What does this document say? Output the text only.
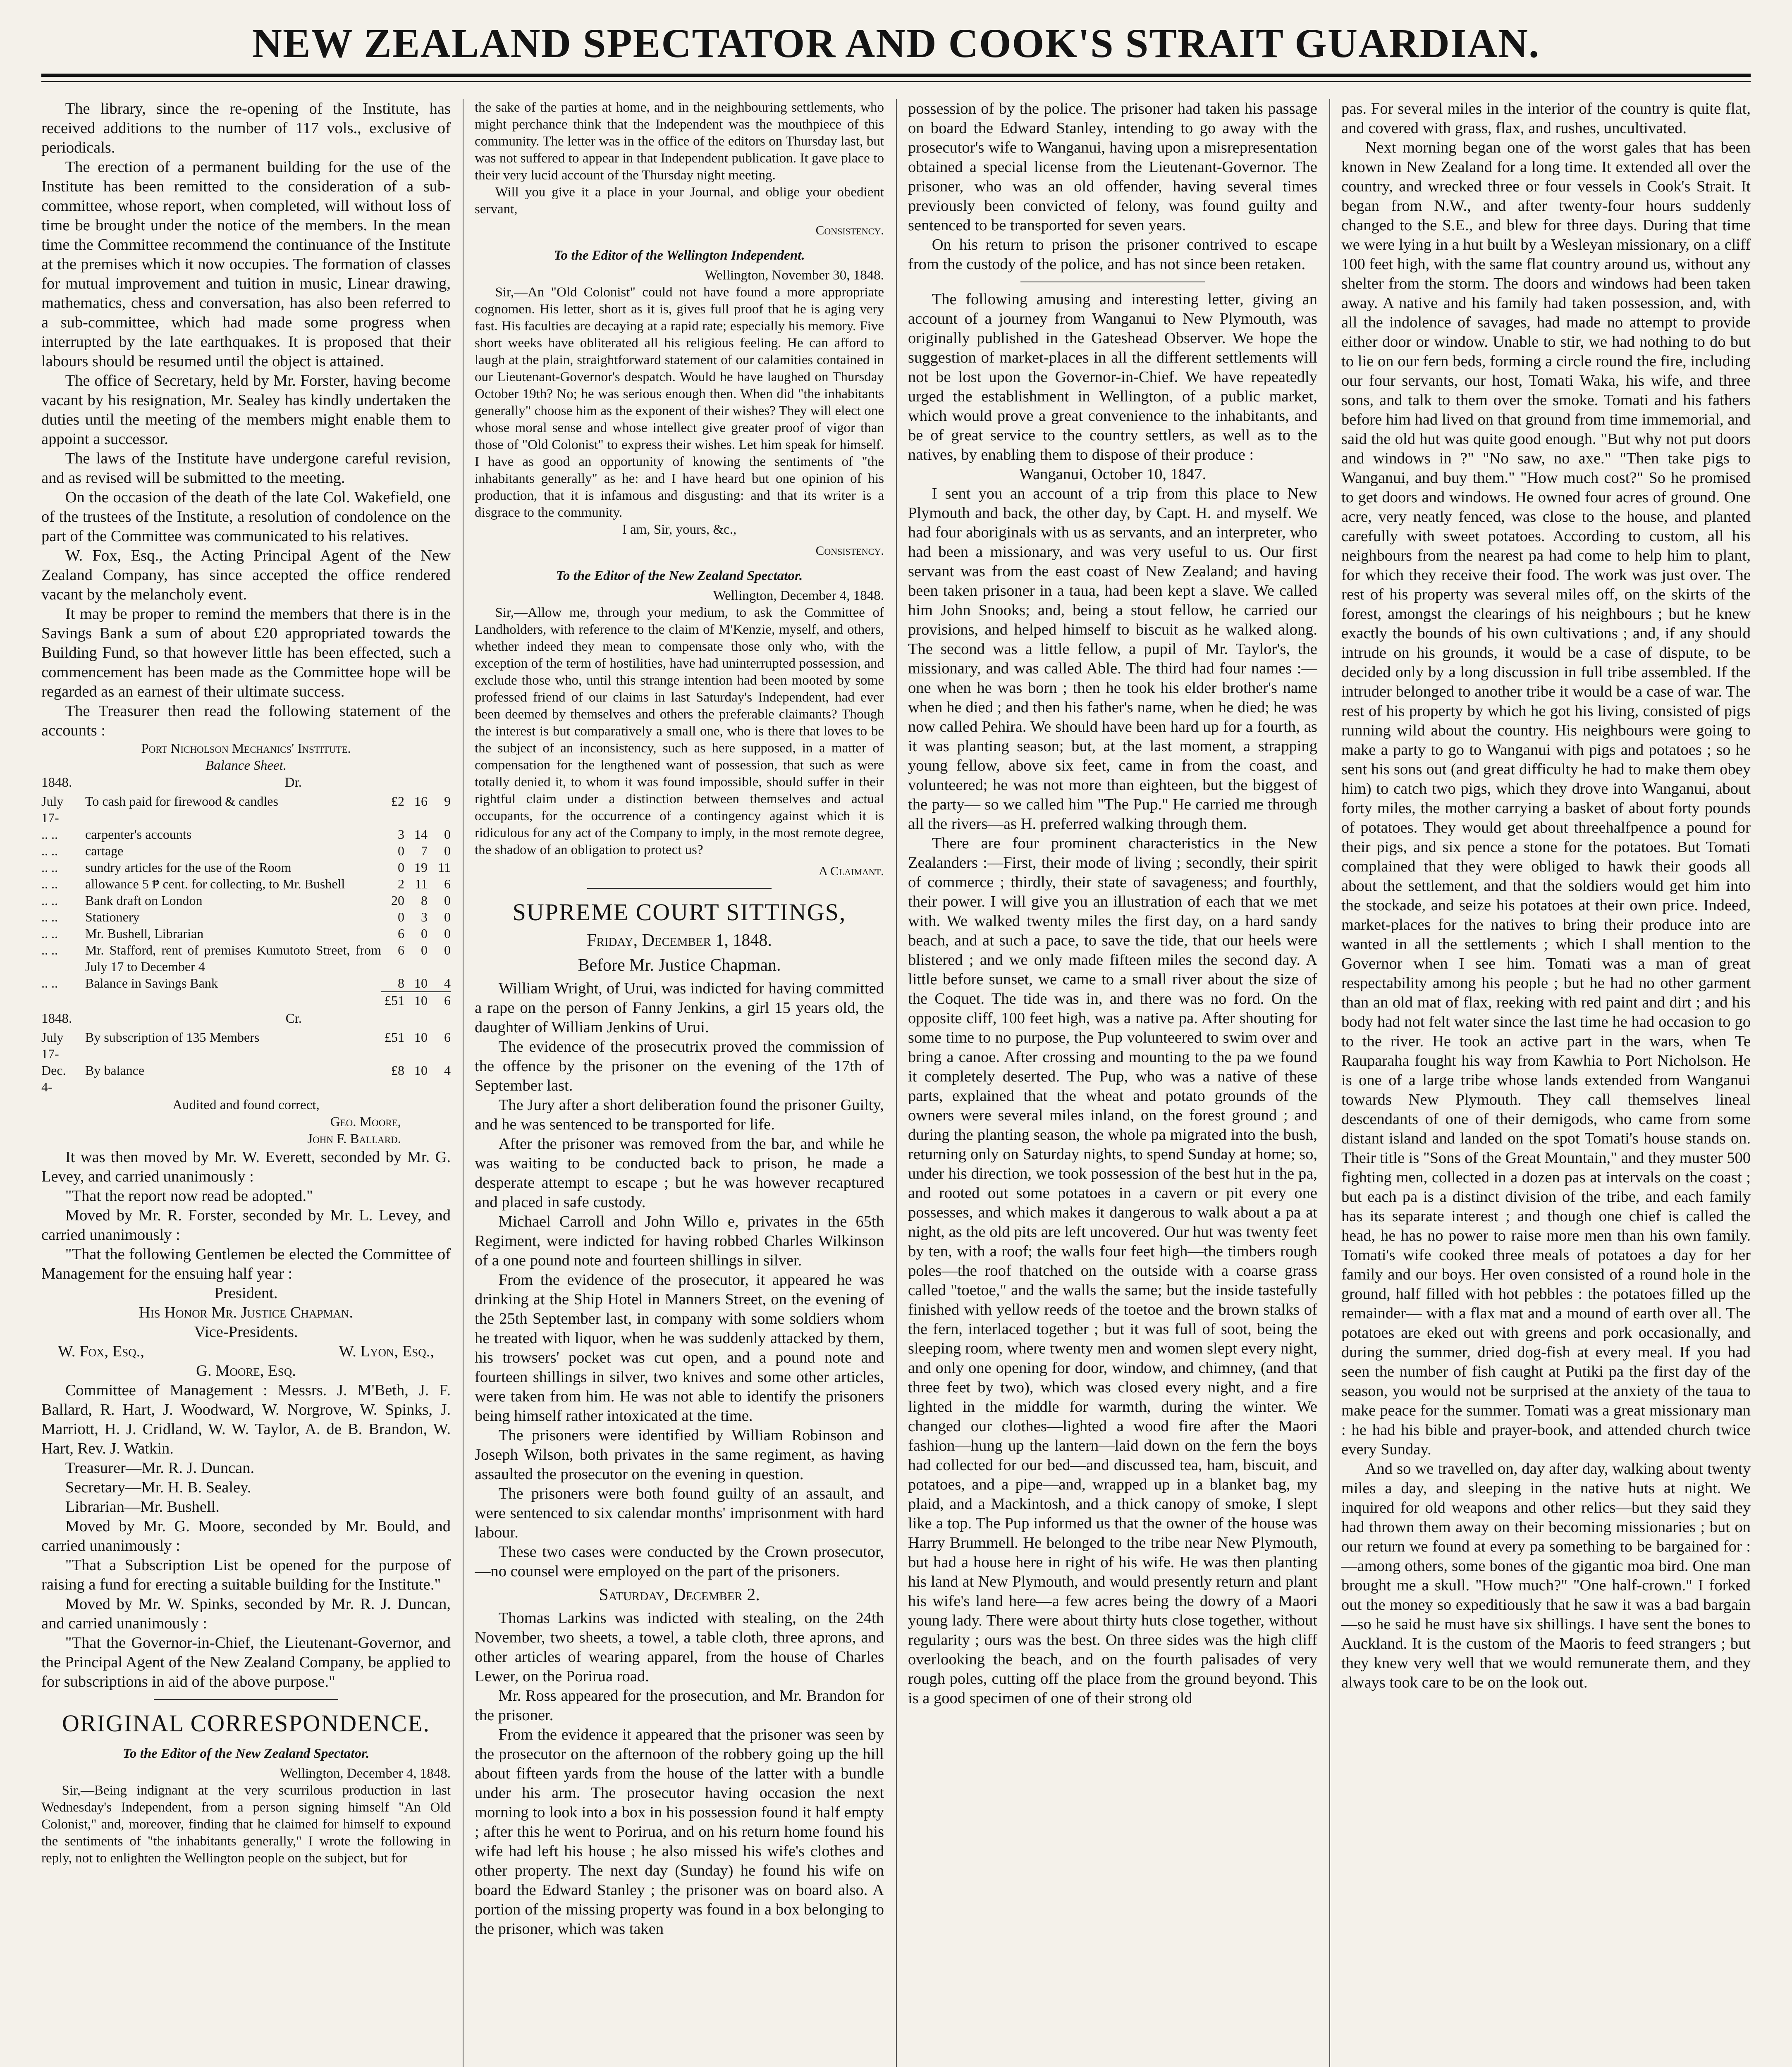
NEW ZEALAND SPECTATOR AND COOK'S STRAIT GUARDIAN.

The library, since the re-opening of the Institute, has received additions to the number of 117 vols., exclusive of periodicals.

The erection of a permanent building for the use of the Institute has been remitted to the consideration of a sub-committee, whose report, when completed, will without loss of time be brought under the notice of the members. In the mean time the Committee recommend the continuance of the Institute at the premises which it now occupies. The formation of classes for mutual improvement and tuition in music, Linear drawing, mathematics, chess and conversation, has also been referred to a sub-committee, which had made some progress when interrupted by the late earthquakes. It is proposed that their labours should be resumed until the object is attained.

The office of Secretary, held by Mr. Forster, having become vacant by his resignation, Mr. Sealey has kindly undertaken the duties until the meeting of the members might enable them to appoint a successor.

The laws of the Institute have undergone careful revision, and as revised will be submitted to the meeting.

On the occasion of the death of the late Col. Wakefield, one of the trustees of the Institute, a resolution of condolence on the part of the Committee was communicated to his relatives.

W. Fox, Esq., the Acting Principal Agent of the New Zealand Company, has since accepted the office rendered vacant by the melancholy event.

It may be proper to remind the members that there is in the Savings Bank a sum of about £20 appropriated towards the Building Fund, so that however little has been effected, such a commencement has been made as the Committee hope will be regarded as an earnest of their ultimate success.

The Treasurer then read the following statement of the accounts :

Port Nicholson Mechanics' Institute.

Balance Sheet.

1848.	Dr.
July 17-	To cash paid for firewood & candles	£2	16	9
.. ..	carpenter's accounts	3	14	0
.. ..	cartage	0	7	0
.. ..	sundry articles for the use of the Room	0	19	11
.. ..	allowance 5 ₱ cent. for collecting, to Mr. Bushell	2	11	6
.. ..	Bank draft on London	20	8	0
.. ..	Stationery	0	3	0
.. ..	Mr. Bushell, Librarian	6	0	0
.. ..	Mr. Stafford, rent of premises Kumutoto Street, from July 17 to December 4	6	0	0
.. ..	Balance in Savings Bank	8	10	4
		£51	10	6
1848.	Cr.
July 17-	By subscription of 135 Members	£51	10	6
Dec. 4-	By balance	£8	10	4

Audited and found correct,

Geo. Moore,

John F. Ballard.

It was then moved by Mr. W. Everett, seconded by Mr. G. Levey, and carried unanimously :

"That the report now read be adopted."

Moved by Mr. R. Forster, seconded by Mr. L. Levey, and carried unanimously :

"That the following Gentlemen be elected the Committee of Management for the ensuing half year :

President.

His Honor Mr. Justice Chapman.

Vice-Presidents.

W. Fox, Esq.,	W. Lyon, Esq.,

G. Moore, Esq.

Committee of Management : Messrs. J. M'Beth, J. F. Ballard, R. Hart, J. Woodward, W. Norgrove, W. Spinks, J. Marriott, H. J. Cridland, W. W. Taylor, A. de B. Brandon, W. Hart, Rev. J. Watkin.

Treasurer—Mr. R. J. Duncan.

Secretary—Mr. H. B. Sealey.

Librarian—Mr. Bushell.

Moved by Mr. G. Moore, seconded by Mr. Bould, and carried unanimously :

"That a Subscription List be opened for the purpose of raising a fund for erecting a suitable building for the Institute."

Moved by Mr. W. Spinks, seconded by Mr. R. J. Duncan, and carried unanimously :

"That the Governor-in-Chief, the Lieutenant-Governor, and the Principal Agent of the New Zealand Company, be applied to for subscriptions in aid of the above purpose."

ORIGINAL CORRESPONDENCE.
To the Editor of the New Zealand Spectator.

Wellington, December 4, 1848.

Sir,—Being indignant at the very scurrilous production in last Wednesday's Independent, from a person signing himself "An Old Colonist," and, moreover, finding that he claimed for himself to expound the sentiments of "the inhabitants generally," I wrote the following in reply, not to enlighten the Wellington people on the subject, but for

the sake of the parties at home, and in the neighbouring settlements, who might perchance think that the Independent was the mouthpiece of this community. The letter was in the office of the editors on Thursday last, but was not suffered to appear in that Independent publication. It gave place to their very lucid account of the Thursday night meeting.

Will you give it a place in your Journal, and oblige your obedient servant,

Consistency.

To the Editor of the Wellington Independent.

Wellington, November 30, 1848.

Sir,—An "Old Colonist" could not have found a more appropriate cognomen. His letter, short as it is, gives full proof that he is aging very fast. His faculties are decaying at a rapid rate; especially his memory. Five short weeks have obliterated all his religious feeling. He can afford to laugh at the plain, straightforward statement of our calamities contained in our Lieutenant-Governor's despatch. Would he have laughed on Thursday October 19th? No; he was serious enough then. When did "the inhabitants generally" choose him as the exponent of their wishes? They will elect one whose moral sense and whose intellect give greater proof of vigor than those of "Old Colonist" to express their wishes. Let him speak for himself. I have as good an opportunity of knowing the sentiments of "the inhabitants generally" as he: and I have heard but one opinion of his production, that it is infamous and disgusting: and that its writer is a disgrace to the community.

I am, Sir, yours, &c.,

Consistency.

To the Editor of the New Zealand Spectator.

Wellington, December 4, 1848.

Sir,—Allow me, through your medium, to ask the Committee of Landholders, with reference to the claim of M'Kenzie, myself, and others, whether indeed they mean to compensate those only who, with the exception of the term of hostilities, have had uninterrupted possession, and exclude those who, until this strange intention had been mooted by some professed friend of our claims in last Saturday's Independent, had ever been deemed by themselves and others the preferable claimants? Though the interest is but comparatively a small one, who is there that loves to be the subject of an inconsistency, such as here supposed, in a matter of compensation for the lengthened want of possession, that such as were totally denied it, to whom it was found impossible, should suffer in their rightful claim under a distinction between themselves and actual occupants, for the occurrence of a contingency against which it is ridiculous for any act of the Company to imply, in the most remote degree, the shadow of an obligation to protect us?

A Claimant.

SUPREME COURT SITTINGS,
Friday, December 1, 1848.
Before Mr. Justice Chapman.

William Wright, of Urui, was indicted for having committed a rape on the person of Fanny Jenkins, a girl 15 years old, the daughter of William Jenkins of Urui.

The evidence of the prosecutrix proved the commission of the offence by the prisoner on the evening of the 17th of September last.

The Jury after a short deliberation found the prisoner Guilty, and he was sentenced to be transported for life.

After the prisoner was removed from the bar, and while he was waiting to be conducted back to prison, he made a desperate attempt to escape ; but he was however recaptured and placed in safe custody.

Michael Carroll and John Willo e, privates in the 65th Regiment, were indicted for having robbed Charles Wilkinson of a one pound note and fourteen shillings in silver.

From the evidence of the prosecutor, it appeared he was drinking at the Ship Hotel in Manners Street, on the evening of the 25th September last, in company with some soldiers whom he treated with liquor, when he was suddenly attacked by them, his trowsers' pocket was cut open, and a pound note and fourteen shillings in silver, two knives and some other articles, were taken from him. He was not able to identify the prisoners being himself rather intoxicated at the time.

The prisoners were identified by William Robinson and Joseph Wilson, both privates in the same regiment, as having assaulted the prosecutor on the evening in question.

The prisoners were both found guilty of an assault, and were sentenced to six calendar months' imprisonment with hard labour.

These two cases were conducted by the Crown prosecutor,—no counsel were employed on the part of the prisoners.

Saturday, December 2.

Thomas Larkins was indicted with stealing, on the 24th November, two sheets, a towel, a table cloth, three aprons, and other articles of wearing apparel, from the house of Charles Lewer, on the Porirua road.

Mr. Ross appeared for the prosecution, and Mr. Brandon for the prisoner.

From the evidence it appeared that the prisoner was seen by the prosecutor on the afternoon of the robbery going up the hill about fifteen yards from the house of the latter with a bundle under his arm. The prosecutor having occasion the next morning to look into a box in his possession found it half empty ; after this he went to Porirua, and on his return home found his wife had left his house ; he also missed his wife's clothes and other property. The next day (Sunday) he found his wife on board the Edward Stanley ; the prisoner was on board also. A portion of the missing property was found in a box belonging to the prisoner, which was taken

possession of by the police. The prisoner had taken his passage on board the Edward Stanley, intending to go away with the prosecutor's wife to Wanganui, having upon a misrepresentation obtained a special license from the Lieutenant-Governor. The prisoner, who was an old offender, having several times previously been convicted of felony, was found guilty and sentenced to be transported for seven years.

On his return to prison the prisoner contrived to escape from the custody of the police, and has not since been retaken.

The following amusing and interesting letter, giving an account of a journey from Wanganui to New Plymouth, was originally published in the Gateshead Observer. We hope the suggestion of market-places in all the different settlements will not be lost upon the Governor-in-Chief. We have repeatedly urged the establishment in Wellington, of a public market, which would prove a great convenience to the inhabitants, and be of great service to the country settlers, as well as to the natives, by enabling them to dispose of their produce :

Wanganui, October 10, 1847.

I sent you an account of a trip from this place to New Plymouth and back, the other day, by Capt. H. and myself. We had four aboriginals with us as servants, and an interpreter, who had been a missionary, and was very useful to us. Our first servant was from the east coast of New Zealand; and having been taken prisoner in a taua, had been kept a slave. We called him John Snooks; and, being a stout fellow, he carried our provisions, and helped himself to biscuit as he walked along. The second was a little fellow, a pupil of Mr. Taylor's, the missionary, and was called Able. The third had four names :—one when he was born ; then he took his elder brother's name when he died ; and then his father's name, when he died; he was now called Pehira. We should have been hard up for a fourth, as it was planting season; but, at the last moment, a strapping young fellow, above six feet, came in from the coast, and volunteered; he was not more than eighteen, but the biggest of the party— so we called him "The Pup." He carried me through all the rivers—as H. preferred walking through them.

There are four prominent characteristics in the New Zealanders :—First, their mode of living ; secondly, their spirit of commerce ; thirdly, their state of savageness; and fourthly, their power. I will give you an illustration of each that we met with. We walked twenty miles the first day, on a hard sandy beach, and at such a pace, to save the tide, that our heels were blistered ; and we only made fifteen miles the second day. A little before sunset, we came to a small river about the size of the Coquet. The tide was in, and there was no ford. On the opposite cliff, 100 feet high, was a native pa. After shouting for some time to no purpose, the Pup volunteered to swim over and bring a canoe. After crossing and mounting to the pa we found it completely deserted. The Pup, who was a native of these parts, explained that the wheat and potato grounds of the owners were several miles inland, on the forest ground ; and during the planting season, the whole pa migrated into the bush, returning only on Saturday nights, to spend Sunday at home; so, under his direction, we took possession of the best hut in the pa, and rooted out some potatoes in a cavern or pit every one possesses, and which makes it dangerous to walk about a pa at night, as the old pits are left uncovered. Our hut was twenty feet by ten, with a roof; the walls four feet high—the timbers rough poles—the roof thatched on the outside with a coarse grass called "toetoe," and the walls the same; but the inside tastefully finished with yellow reeds of the toetoe and the brown stalks of the fern, interlaced together ; but it was full of soot, being the sleeping room, where twenty men and women slept every night, and only one opening for door, window, and chimney, (and that three feet by two), which was closed every night, and a fire lighted in the middle for warmth, during the winter. We changed our clothes—lighted a wood fire after the Maori fashion—hung up the lantern—laid down on the fern the boys had collected for our bed—and discussed tea, ham, biscuit, and potatoes, and a pipe—and, wrapped up in a blanket bag, my plaid, and a Mackintosh, and a thick canopy of smoke, I slept like a top. The Pup informed us that the owner of the house was Harry Brummell. He belonged to the tribe near New Plymouth, but had a house here in right of his wife. He was then planting his land at New Plymouth, and would presently return and plant his wife's land here—a few acres being the dowry of a Maori young lady. There were about thirty huts close together, without regularity ; ours was the best. On three sides was the high cliff overlooking the beach, and on the fourth palisades of very rough poles, cutting off the place from the ground beyond. This is a good specimen of one of their strong old

pas. For several miles in the interior of the country is quite flat, and covered with grass, flax, and rushes, uncultivated.

Next morning began one of the worst gales that has been known in New Zealand for a long time. It extended all over the country, and wrecked three or four vessels in Cook's Strait. It began from N.W., and after twenty-four hours suddenly changed to the S.E., and blew for three days. During that time we were lying in a hut built by a Wesleyan missionary, on a cliff 100 feet high, with the same flat country around us, without any shelter from the storm. The doors and windows had been taken away. A native and his family had taken possession, and, with all the indolence of savages, had made no attempt to provide either door or window. Unable to stir, we had nothing to do but to lie on our fern beds, forming a circle round the fire, including our four servants, our host, Tomati Waka, his wife, and three sons, and talk to them over the smoke. Tomati and his fathers before him had lived on that ground from time immemorial, and said the old hut was quite good enough. "But why not put doors and windows in ?" "No saw, no axe." "Then take pigs to Wanganui, and buy them." "How much cost?" So he promised to get doors and windows. He owned four acres of ground. One acre, very neatly fenced, was close to the house, and planted carefully with sweet potatoes. According to custom, all his neighbours from the nearest pa had come to help him to plant, for which they receive their food. The work was just over. The rest of his property was several miles off, on the skirts of the forest, amongst the clearings of his neighbours ; but he knew exactly the bounds of his own cultivations ; and, if any should intrude on his grounds, it would be a case of dispute, to be decided only by a long discussion in full tribe assembled. If the intruder belonged to another tribe it would be a case of war. The rest of his property by which he got his living, consisted of pigs running wild about the country. His neighbours were going to make a party to go to Wanganui with pigs and potatoes ; so he sent his sons out (and great difficulty he had to make them obey him) to catch two pigs, which they drove into Wanganui, about forty miles, the mother carrying a basket of about forty pounds of potatoes. They would get about threehalfpence a pound for their pigs, and six pence a stone for the potatoes. But Tomati complained that they were obliged to hawk their goods all about the settlement, and that the soldiers would get him into the stockade, and seize his potatoes at their own price. Indeed, market-places for the natives to bring their produce into are wanted in all the settlements ; which I shall mention to the Governor when I see him. Tomati was a man of great respectability among his people ; but he had no other garment than an old mat of flax, reeking with red paint and dirt ; and his body had not felt water since the last time he had occasion to go to the river. He took an active part in the wars, when Te Rauparaha fought his way from Kawhia to Port Nicholson. He is one of a large tribe whose lands extended from Wanganui towards New Plymouth. They call themselves lineal descendants of one of their demigods, who came from some distant island and landed on the spot Tomati's house stands on. Their title is "Sons of the Great Mountain," and they muster 500 fighting men, collected in a dozen pas at intervals on the coast ; but each pa is a distinct division of the tribe, and each family has its separate interest ; and though one chief is called the head, he has no power to raise more men than his own family. Tomati's wife cooked three meals of potatoes a day for her family and our boys. Her oven consisted of a round hole in the ground, half filled with hot pebbles : the potatoes filled up the remainder— with a flax mat and a mound of earth over all. The potatoes are eked out with greens and pork occasionally, and during the summer, dried dog-fish at every meal. If you had seen the number of fish caught at Putiki pa the first day of the season, you would not be surprised at the anxiety of the taua to make peace for the summer. Tomati was a great missionary man : he had his bible and prayer-book, and attended church twice every Sunday.

And so we travelled on, day after day, walking about twenty miles a day, and sleeping in the native huts at night. We inquired for old weapons and other relics—but they said they had thrown them away on their becoming missionaries ; but on our return we found at every pa something to be bargained for :—among others, some bones of the gigantic moa bird. One man brought me a skull. "How much?" "One half-crown." I forked out the money so expeditiously that he saw it was a bad bargain—so he said he must have six shillings. I have sent the bones to Auckland. It is the custom of the Maoris to feed strangers ; but they knew very well that we would remunerate them, and they always took care to be on the look out.
